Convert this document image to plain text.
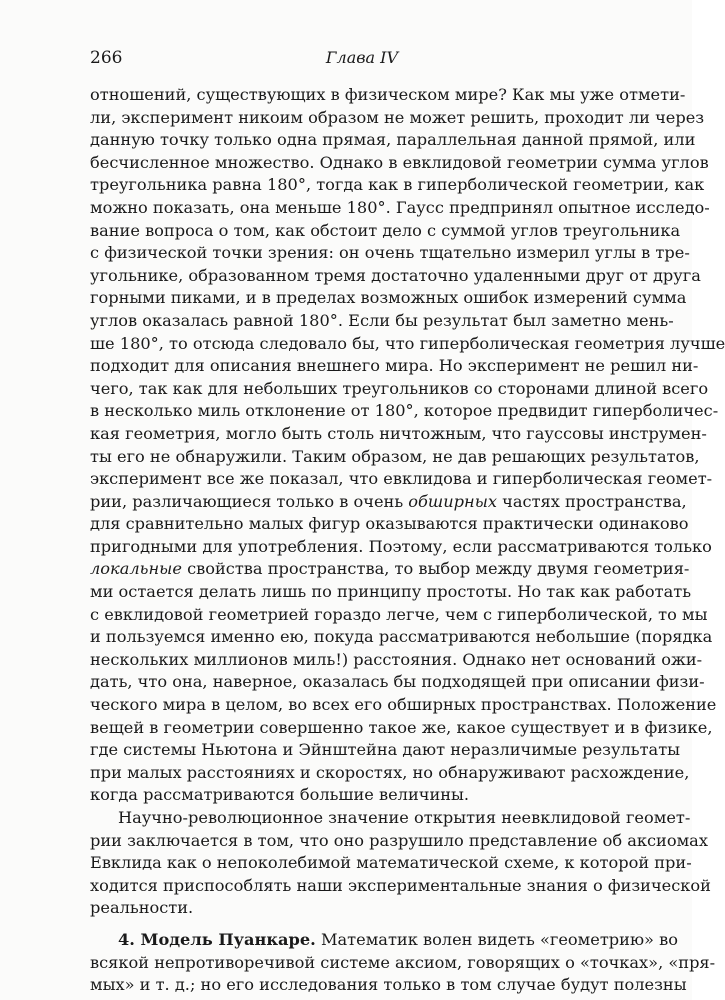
266	Глава IV
отношений, существующих в физическом мире? Как мы уже отмети-
ли, эксперимент никоим образом не может решить, проходит ли через
данную точку только одна прямая, параллельная данной прямой, или
бесчисленное множество. Однако в евклидовой геометрии сумма углов
треугольника равна 180°, тогда как в гиперболической геометрии, как
можно показать, она меньше 180°. Гаусс предпринял опытное исследо-
вание вопроса о том, как обстоит дело с суммой углов треугольника
с физической точки зрения: он очень тщательно измерил углы в тре-
угольнике, образованном тремя достаточно удаленными друг от друга
горными пиками, и в пределах возможных ошибок измерений сумма
углов оказалась равной 180°. Если бы результат был заметно мень-
ше 180°, то отсюда следовало бы, что гиперболическая геометрия лучше
подходит для описания внешнего мира. Но эксперимент не решил ни-
чего, так как для небольших треугольников со сторонами длиной всего
в несколько миль отклонение от 180°, которое предвидит гиперболичес-
кая геометрия, могло быть столь ничтожным, что гауссовы инструмен-
ты его не обнаружили. Таким образом, не дав решающих результатов,
эксперимент все же показал, что евклидова и гиперболическая геомет-
рии, различающиеся только в очень обширных частях пространства,
для сравнительно малых фигур оказываются практически одинаково
пригодными для употребления. Поэтому, если рассматриваются только
локальные свойства пространства, то выбор между двумя геометрия-
ми остается делать лишь по принципу простоты. Но так как работать
с евклидовой геометрией гораздо легче, чем с гиперболической, то мы
и пользуемся именно ею, покуда рассматриваются небольшие (порядка
нескольких миллионов миль!) расстояния. Однако нет оснований ожи-
дать, что она, наверное, оказалась бы подходящей при описании физи-
ческого мира в целом, во всех его обширных пространствах. Положение
вещей в геометрии совершенно такое же, какое существует и в физике,
где системы Ньютона и Эйнштейна дают неразличимые результаты
при малых расстояниях и скоростях, но обнаруживают расхождение,
когда рассматриваются большие величины.
Научно-революционное значение открытия неевклидовой геомет-
рии заключается в том, что оно разрушило представление об аксиомах
Евклида как о непоколебимой математической схеме, к которой при-
ходится приспособлять наши экспериментальные знания о физической
реальности.
4. Модель Пуанкаре. Математик волен видеть «геометрию» во
всякой непротиворечивой системе аксиом, говорящих о «точках», «пря-
мых» и т. д.; но его исследования только в том случае будут полезны
